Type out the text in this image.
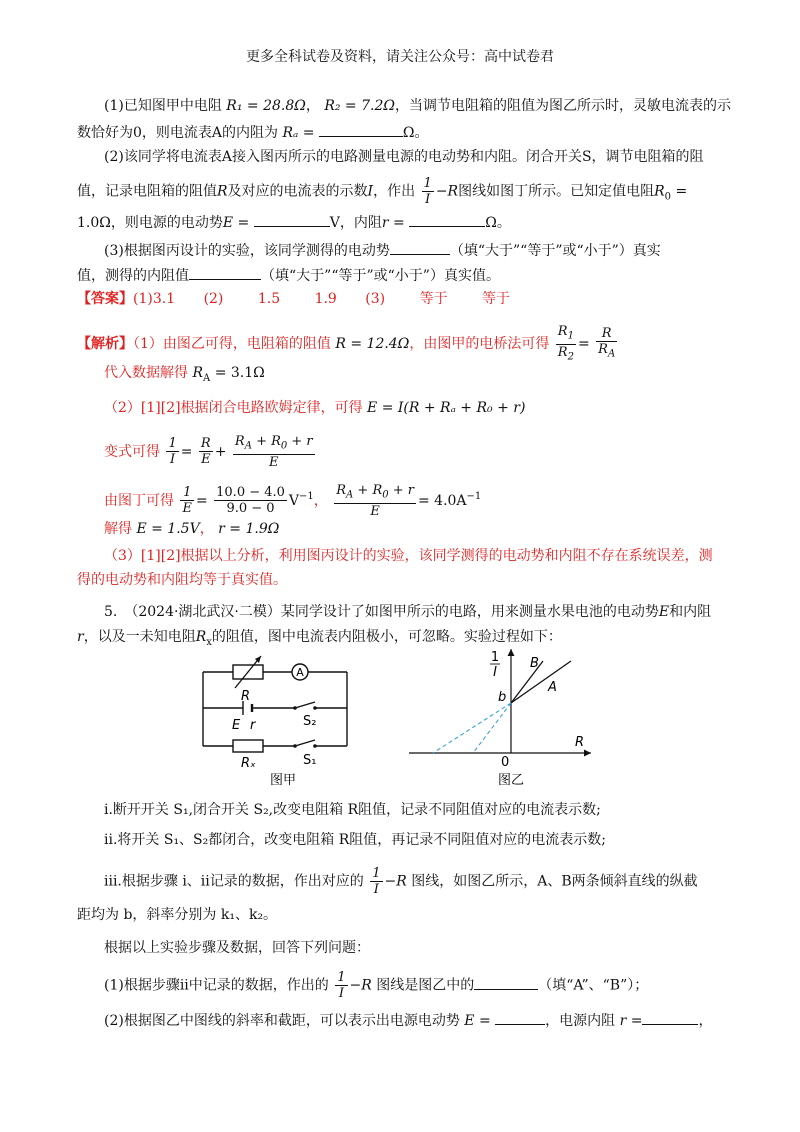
更多全科试卷及资料，请关注公众号：高中试卷君
(1)已知图甲中电阻 R₁ = 28.8Ω， R₂ = 7.2Ω，当调节电阻箱的阻值为图乙所示时，灵敏电流表的示
数恰好为0，则电流表A的内阻为 Rₐ =	Ω。
(2)该同学将电流表A接入图丙所示的电路测量电源的电动势和内阻。闭合开关S，调节电阻箱的阻
值，记录电阻箱的阻值R及对应的电流表的示数I，作出 $\frac{1}{I} -R$图线如图丁所示。已知定值电阻$R_0$ =
1.0Ω，则电源的电动势E =	V，内阻r =	Ω。
(3)根据图丙设计的实验，该同学测得的电动势	（填“大于”“等于”或“小于”）真实
值，测得的内阻值	（填“大于”“等于”或“小于”）真实值。
【答案】(1)3.1 (2) 1.5 1.9 (3) 等于 等于
【解析】（1）由图乙可得，电阻箱的阻值 R = 12.4Ω，由图甲的电桥法可得 $\frac{R_1}{R_2} = \frac{R}{R_A}$
代入数据解得 $R_A = 3.1\Omega$
（2）[1][2]根据闭合电路欧姆定律，可得 E = I(R + Rₐ + R₀ + r)
变式可得 $\frac{1}{I} = \frac{R}{E} + \frac{R_A + R_0 + r}{E}$
由图丁可得 $\frac{1}{E} = \frac{10.0 - 4.0}{9.0 - 0} V^{-1}$， $\frac{R_A + R_0 + r}{E} = 4.0A^{-1}$
解得 E = 1.5V， r = 1.9Ω
（3）[1][2]根据以上分析，利用图丙设计的实验，该同学测得的电动势和内阻不存在系统误差，测
得的电动势和内阻均等于真实值。
5.　（2024·湖北武汉·二模）某同学设计了如图甲所示的电路，用来测量水果电池的电动势E和内阻
r，以及一未知电阻$R_x$的阻值，图中电流表内阻极小，可忽略。实验过程如下：
A
R
E r	S₂
Rₓ	S₁
图甲
1
I
b
B
A
R
0
图乙
i.断开开关 S₁,闭合开关 S₂,改变电阻箱 R阻值，记录不同阻值对应的电流表示数;
ii.将开关 S₁、S₂都闭合，改变电阻箱 R阻值，再记录不同阻值对应的电流表示数;
iii.根据步骤 i、ii记录的数据，作出对应的 $\frac{1}{I} -R$ 图线，如图乙所示，A、B两条倾斜直线的纵截
距均为 b，斜率分别为 k₁、k₂。
根据以上实验步骤及数据，回答下列问题：
(1)根据步骤ii中记录的数据，作出的 $\frac{1}{I} -R$ 图线是图乙中的	（填“A”、“B”）；
(2)根据图乙中图线的斜率和截距，可以表示出电源电动势 E =	，电源内阻 r =	，
